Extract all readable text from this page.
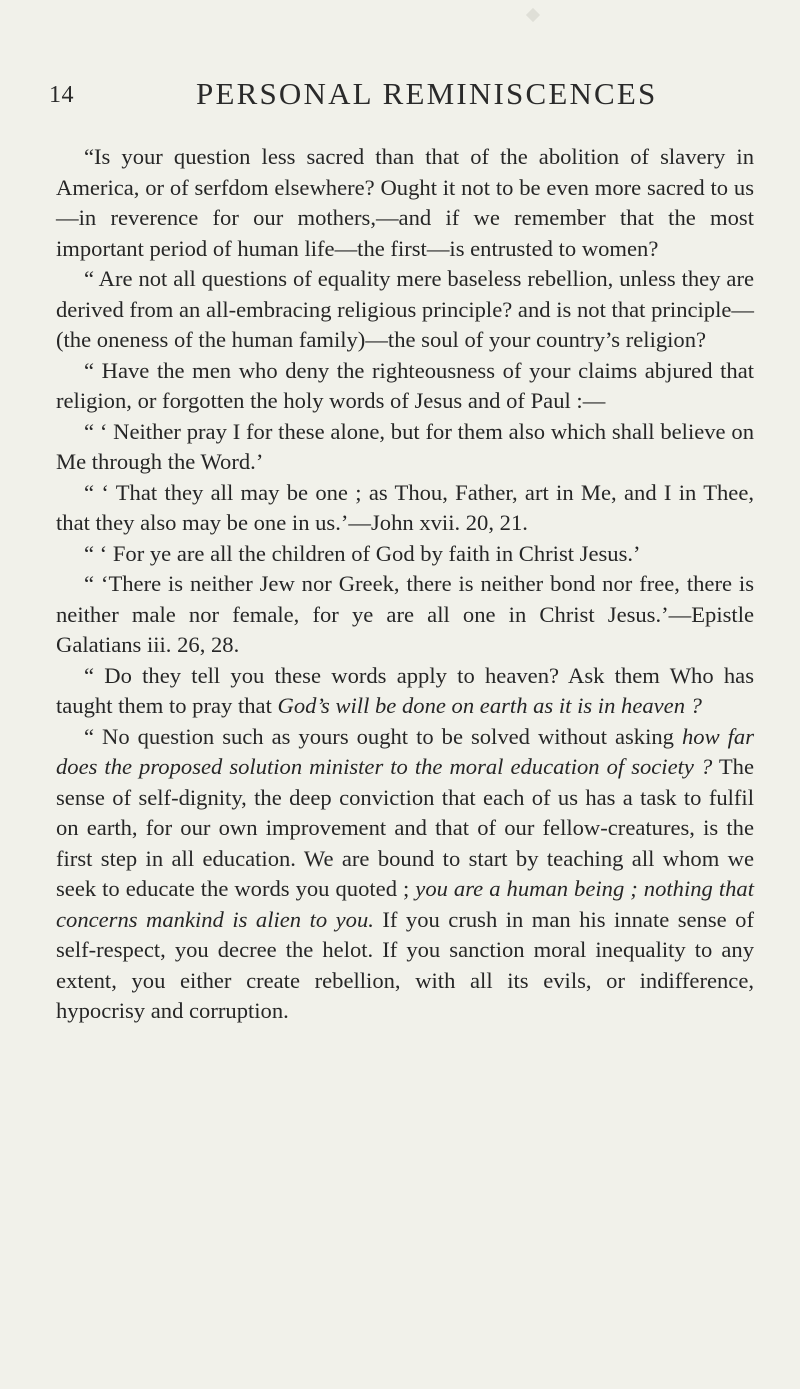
14	PERSONAL REMINISCENCES

“Is your question less sacred than that of the abolition of slavery in America, or of serfdom elsewhere? Ought it not to be even more sacred to us—in reverence for our mothers,—and if we remember that the most important period of human life—the first—is entrusted to women?

“ Are not all questions of equality mere baseless rebellion, unless they are derived from an all-embracing religious principle? and is not that principle—(the oneness of the human family)—the soul of your country’s religion?

“ Have the men who deny the righteousness of your claims abjured that religion, or forgotten the holy words of Jesus and of Paul :—

“ ‘ Neither pray I for these alone, but for them also which shall believe on Me through the Word.’

“ ‘ That they all may be one ; as Thou, Father, art in Me, and I in Thee, that they also may be one in us.’—John xvii. 20, 21.

“ ‘ For ye are all the children of God by faith in Christ Jesus.’

“ ‘There is neither Jew nor Greek, there is neither bond nor free, there is neither male nor female, for ye are all one in Christ Jesus.’—Epistle Galatians iii. 26, 28.

“ Do they tell you these words apply to heaven? Ask them Who has taught them to pray that God’s will be done on earth as it is in heaven ?

“ No question such as yours ought to be solved without asking how far does the proposed solution minister to the moral education of society ? The sense of self-dignity, the deep conviction that each of us has a task to fulfil on earth, for our own improvement and that of our fellow-creatures, is the first step in all education. We are bound to start by teaching all whom we seek to educate the words you quoted ; you are a human being ; nothing that concerns mankind is alien to you. If you crush in man his innate sense of self-respect, you decree the helot. If you sanction moral inequality to any extent, you either create rebellion, with all its evils, or indifference, hypocrisy and corruption.
